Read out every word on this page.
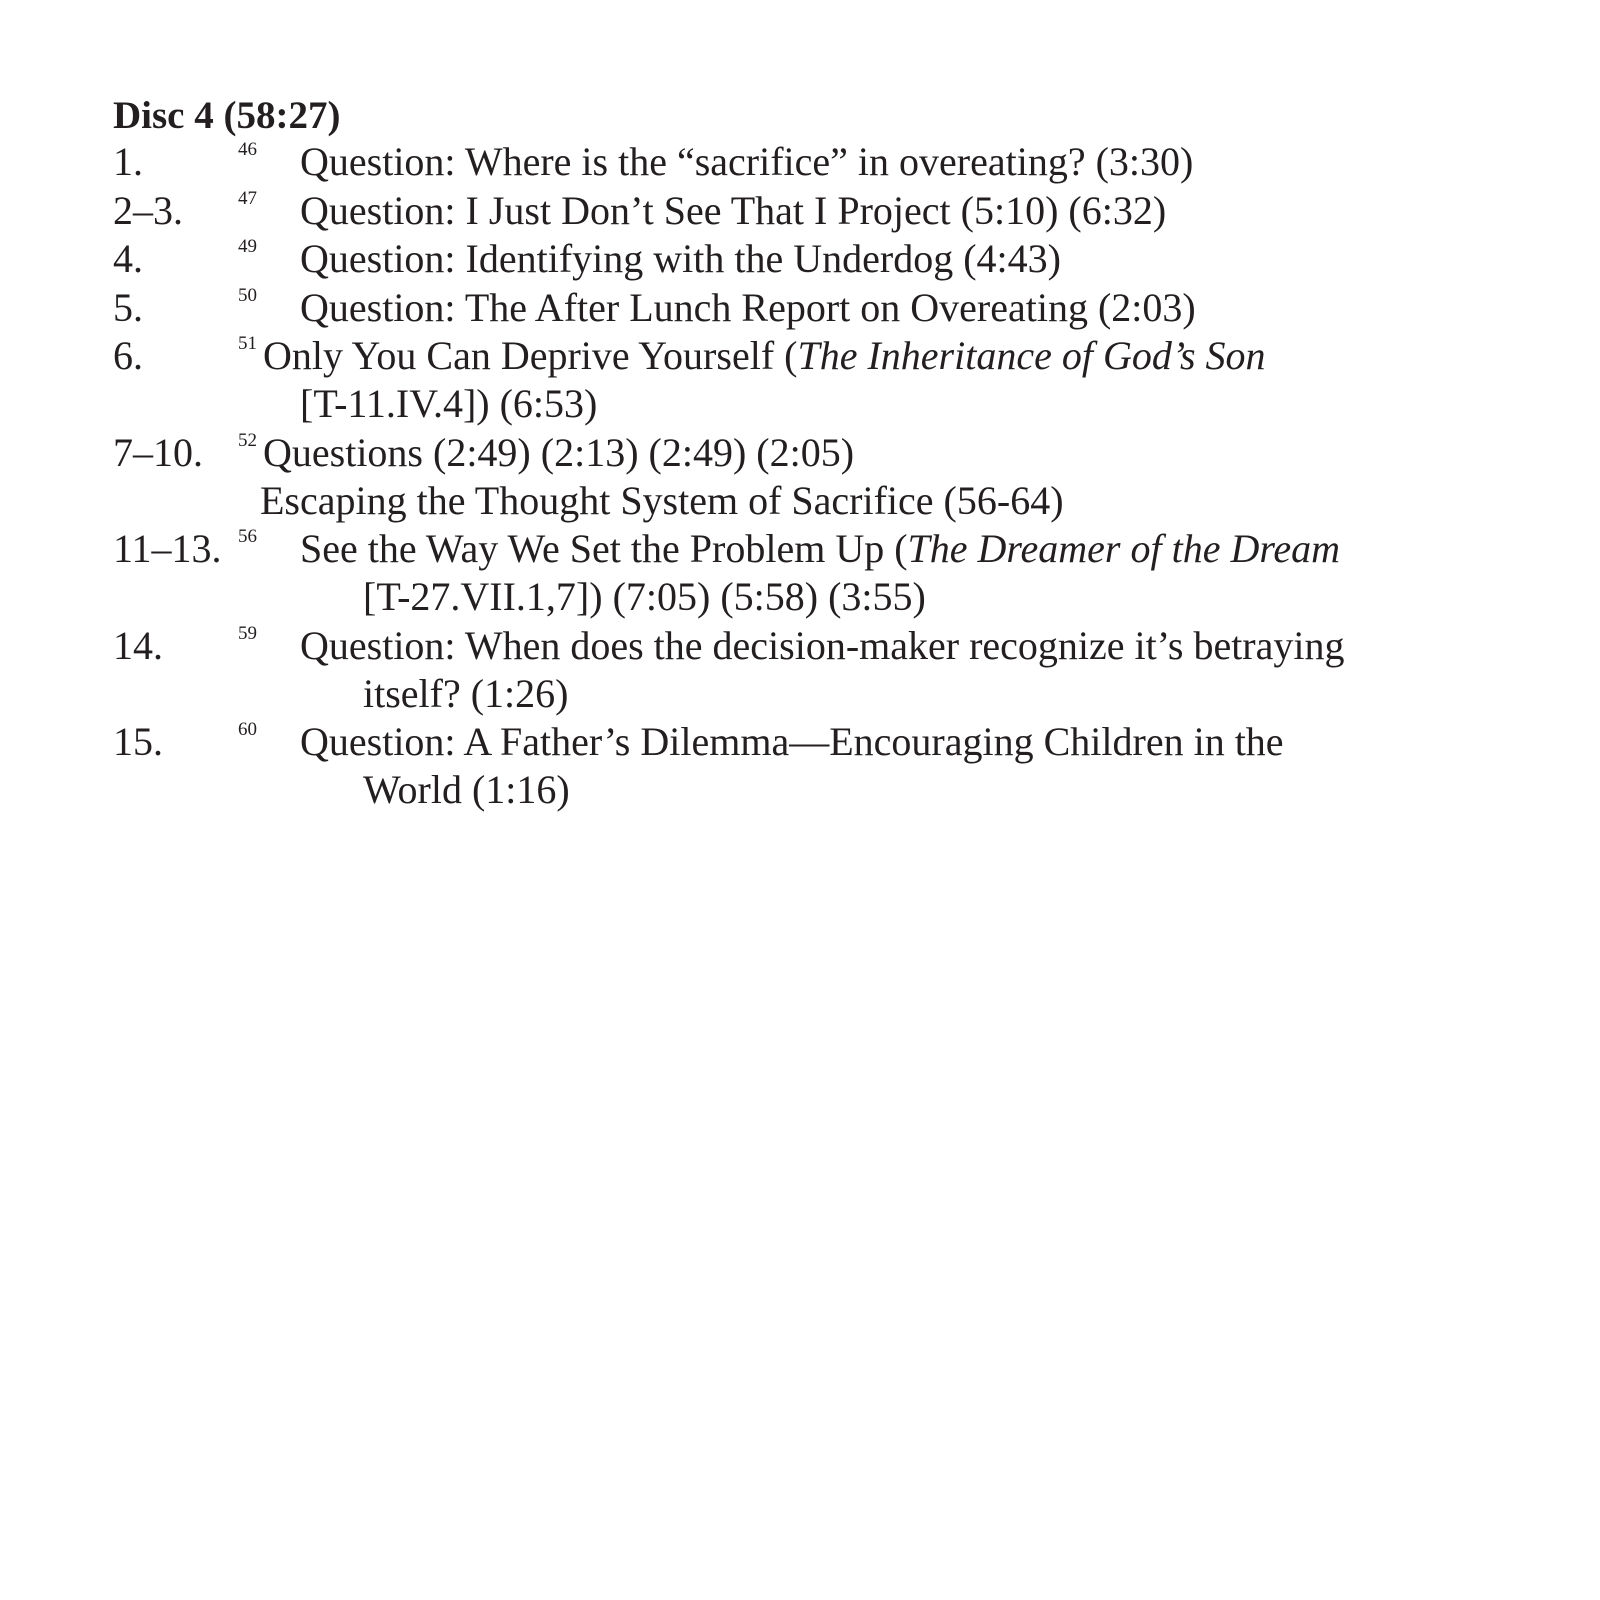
Disc 4 (58:27)
1.	46 Question: Where is the “sacrifice” in overeating? (3:30)
2–3.	47 Question: I Just Don’t See That I Project (5:10) (6:32)
4.	49 Question: Identifying with the Underdog (4:43)
5.	50 Question: The After Lunch Report on Overeating (2:03)
6.	51 Only You Can Deprive Yourself (The Inheritance of God’s Son
[T-11.IV.4]) (6:53)
7–10. 52 Questions (2:49) (2:13) (2:49) (2:05)
Escaping the Thought System of Sacrifice (56-64)
11–13. 56 See the Way We Set the Problem Up (The Dreamer of the Dream
[T-27.VII.1,7]) (7:05) (5:58) (3:55)
14.	59 Question: When does the decision-maker recognize it’s betraying
itself? (1:26)
15.	60 Question: A Father’s Dilemma—Encouraging Children in the
World (1:16)
